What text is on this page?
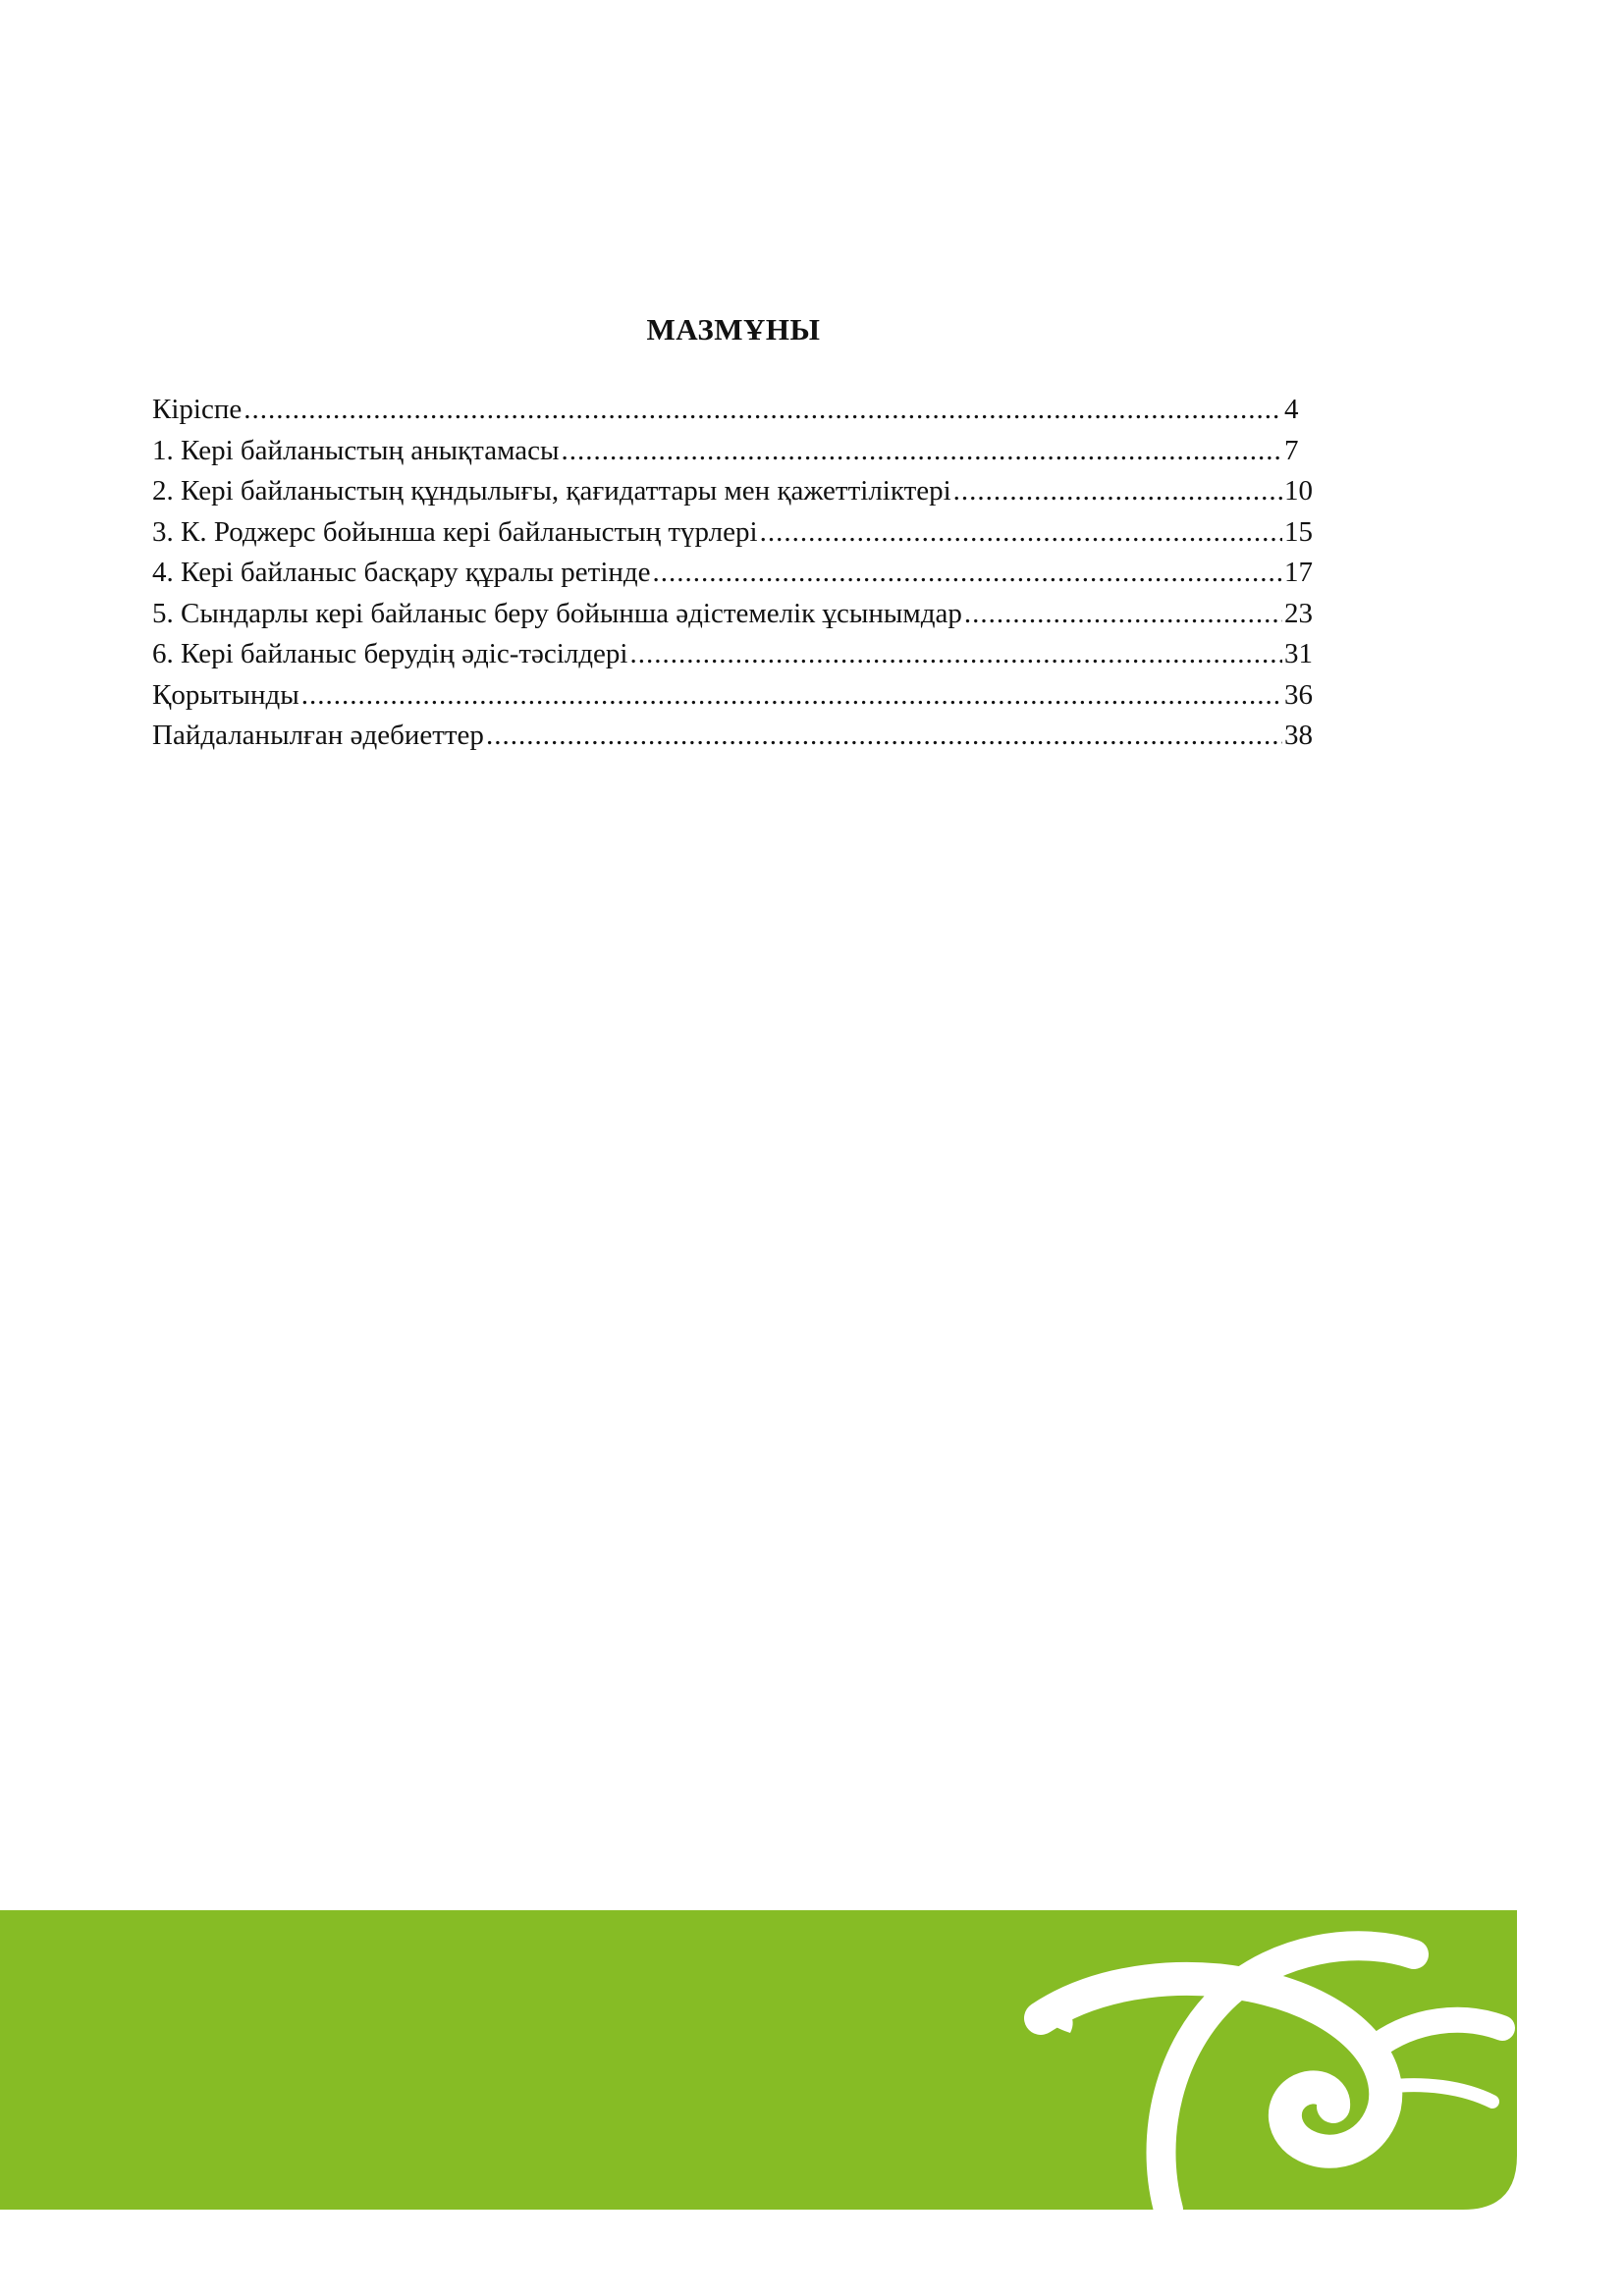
МАЗМҰНЫ
Кіріспе .....	4
1. Кері байланыстың анықтамасы .....	7
2. Кері байланыстың құндылығы, қағидаттары мен қажеттіліктері .....	10
3. К. Роджерс бойынша кері байланыстың түрлері .....	15
4. Кері байланыс басқару құралы ретінде .....	17
5. Сындарлы кері байланыс беру бойынша әдістемелік ұсынымдар .....	23
6. Кері байланыс берудің әдіс-тәсілдері .....	31
Қорытынды .....	36
Пайдаланылған әдебиеттер .....	38
